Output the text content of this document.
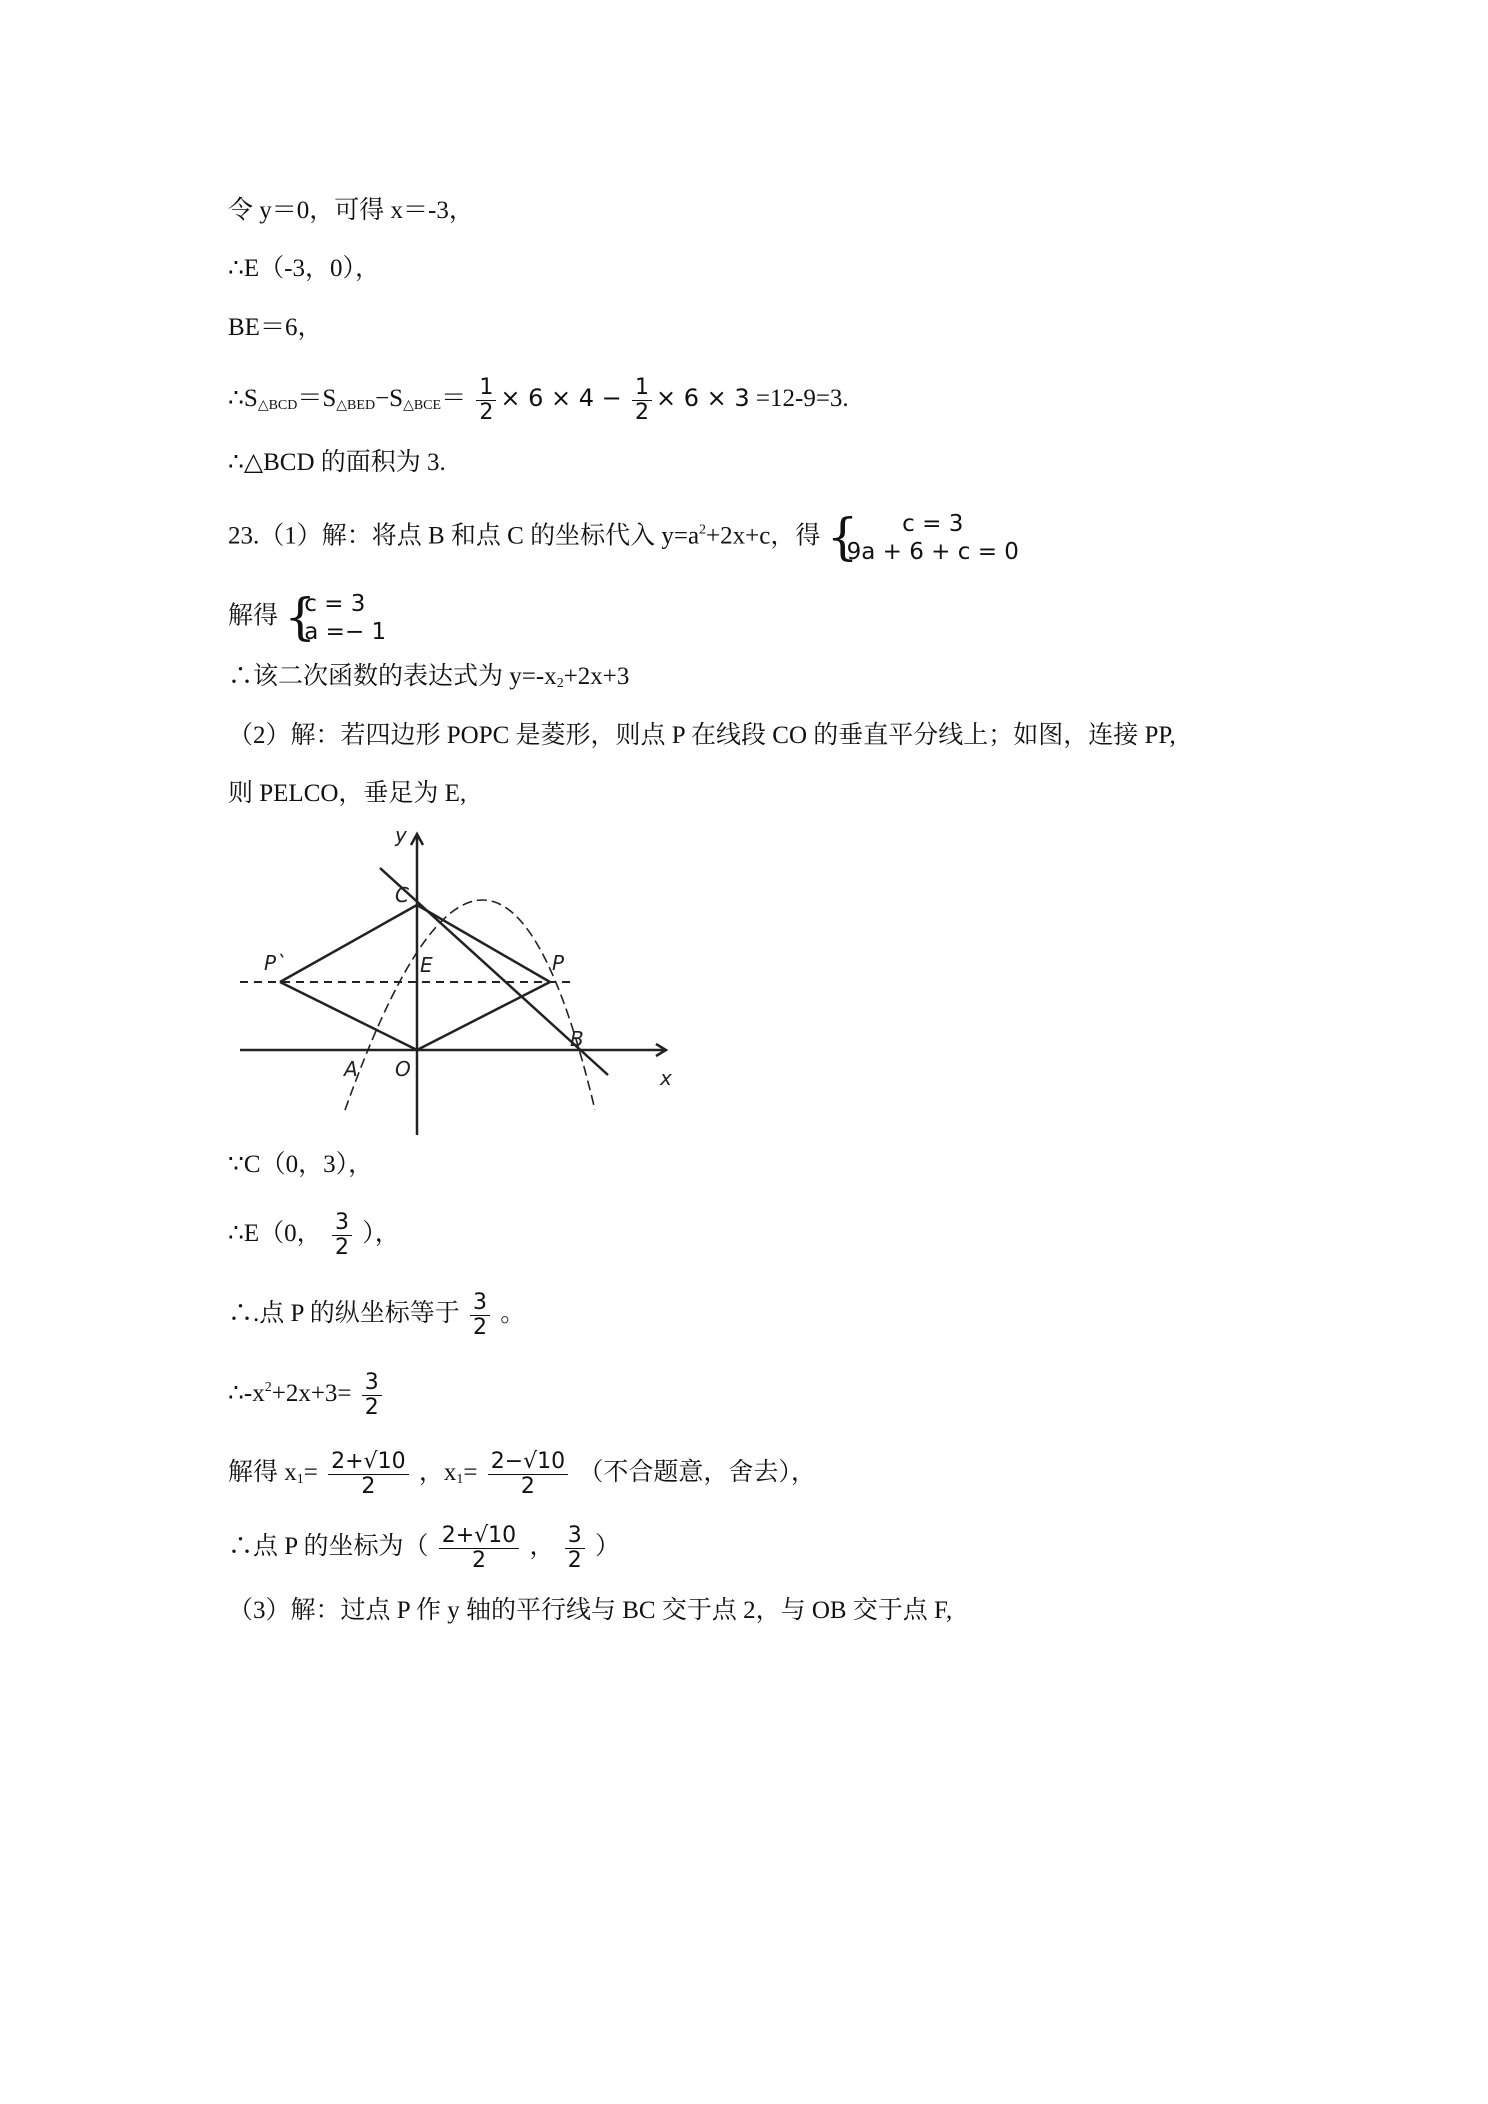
令 y＝0，可得 x＝-3，
∴E（-3，0），
BE＝6，
$\therefore S_{\triangle BCD}=S_{\triangle BED}-S_{\triangle BCE}= \frac{1}{2} \times 6 \times 4 - \frac{1}{2} \times 6 \times 3 =12-9=3$.
∴△BCD 的面积为 3.
23.（1）解：将点 B 和点 C 的坐标代入 $y=a^2+2x+c$，得 {	c = 3
9a + 6 + c = 0
解得 {
c = 3
a =− 1
∴该二次函数的表达式为 $y=-x_2+2x+3$
（2）解：若四边形 POPC 是菱形，则点 P 在线段 CO 的垂直平分线上；如图，连接 PP,
则 PELCO，垂足为 E,
y
x
C
P`	E	P
A O
B
∵C（0，3），
∴E（0， $\frac{3}{2}$ ），
∴.点 P 的纵坐标等于 $\frac{3}{2}$ 。
$\therefore-x^2+2x+3= \frac{3}{2}$
解得 $x_1= \frac{2+√10}{2}$ ，$x_1= \frac{2-√10}{2}$ （不合题意，舍去），
∴点 P 的坐标为（ $\frac{2+√10}{2}$ ， $\frac{3}{2}$ ）
（3）解：过点 P 作 y 轴的平行线与 BC 交于点 2，与 OB 交于点 F,
